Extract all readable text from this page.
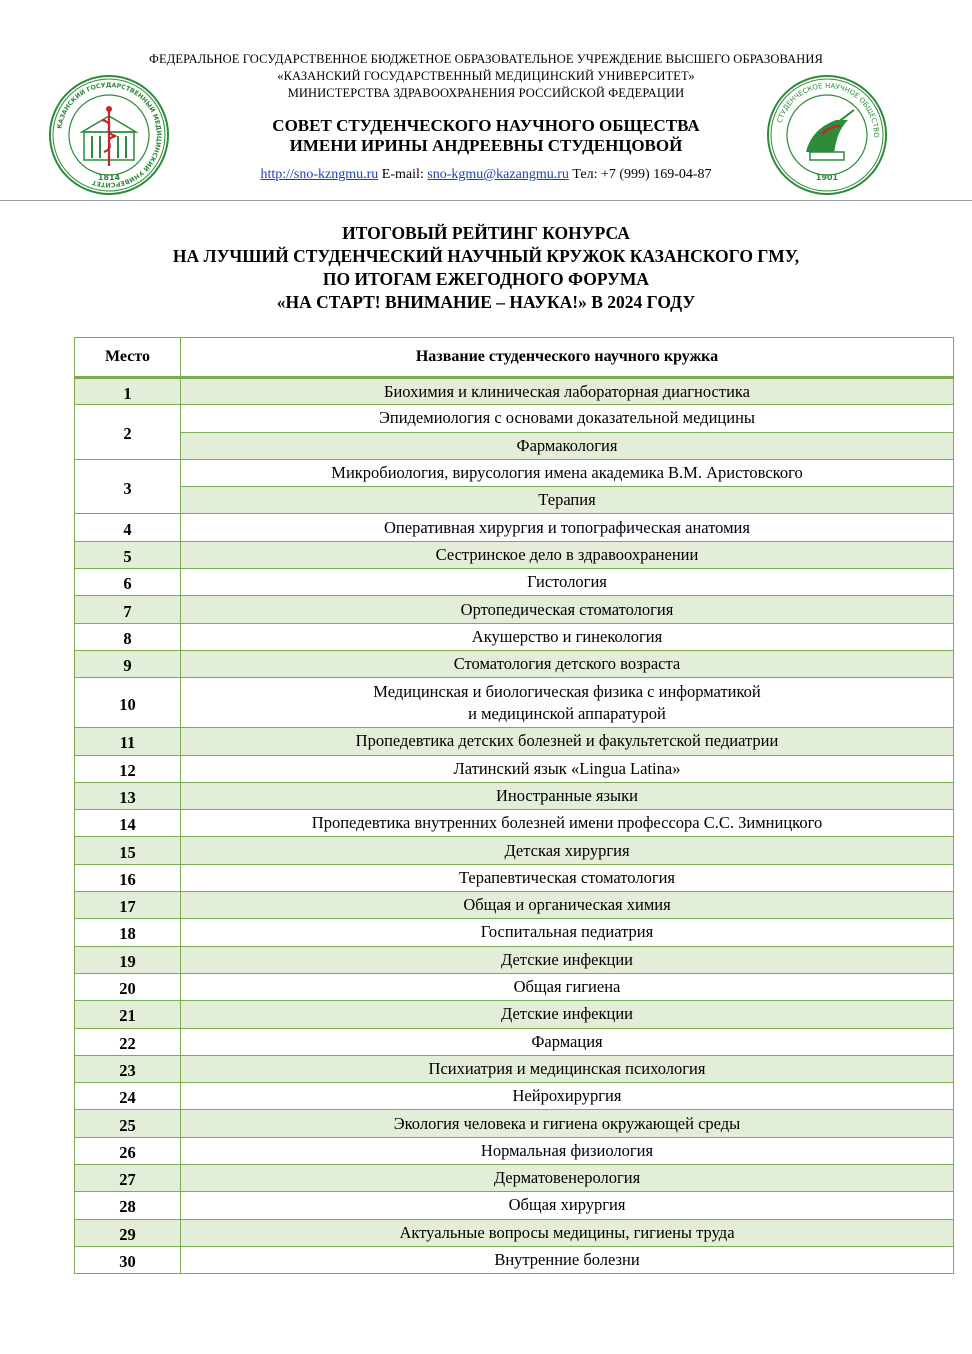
ФЕДЕРАЛЬНОЕ ГОСУДАРСТВЕННОЕ БЮДЖЕТНОЕ ОБРАЗОВАТЕЛЬНОЕ УЧРЕЖДЕНИЕ ВЫСШЕГО ОБРАЗОВАНИЯ
«КАЗАНСКИЙ ГОСУДАРСТВЕННЫЙ МЕДИЦИНСКИЙ УНИВЕРСИТЕТ»
МИНИСТЕРСТВА ЗДРАВООХРАНЕНИЯ РОССИЙСКОЙ ФЕДЕРАЦИИ
СОВЕТ СТУДЕНЧЕСКОГО НАУЧНОГО ОБЩЕСТВА
ИМЕНИ ИРИНЫ АНДРЕЕВНЫ СТУДЕНЦОВОЙ
http://sno-kzngmu.ru E-mail: sno-kgmu@kazangmu.ru Тел: +7 (999) 169-04-87
КАЗАНСКИЙ ГОСУДАРСТВЕННЫЙ МЕДИЦИНСКИЙ УНИВЕРСИТЕТ
1814
СТУДЕНЧЕСКОЕ НАУЧНОЕ ОБЩЕСТВО
1901
ИТОГОВЫЙ РЕЙТИНГ КОНУРСА
НА ЛУЧШИЙ СТУДЕНЧЕСКИЙ НАУЧНЫЙ КРУЖОК КАЗАНСКОГО ГМУ,
ПО ИТОГАМ ЕЖЕГОДНОГО ФОРУМА
«НА СТАРТ! ВНИМАНИЕ – НАУКА!» В 2024 ГОДУ
Место	Название студенческого научного кружка
1	Биохимия и клиническая лабораторная диагностика
2	Эпидемиология с основами доказательной медицины
	Фармакология
3	Микробиология, вирусология имена академика В.М. Аристовского
	Терапия
4	Оперативная хирургия и топографическая анатомия
5	Сестринское дело в здравоохранении
6	Гистология
7	Ортопедическая стоматология
8	Акушерство и гинекология
9	Стоматология детского возраста
10	Медицинская и биологическая физика с информатикой
и медицинской аппаратурой
11	Пропедевтика детских болезней и факультетской педиатрии
12	Латинский язык «Lingua Latina»
13	Иностранные языки
14	Пропедевтика внутренних болезней имени профессора С.С. Зимницкого
15	Детская хирургия
16	Терапевтическая стоматология
17	Общая и органическая химия
18	Госпитальная педиатрия
19	Детские инфекции
20	Общая гигиена
21	Детские инфекции
22	Фармация
23	Психиатрия и медицинская психология
24	Нейрохирургия
25	Экология человека и гигиена окружающей среды
26	Нормальная физиология
27	Дерматовенерология
28	Общая хирургия
29	Актуальные вопросы медицины, гигиены труда
30	Внутренние болезни
